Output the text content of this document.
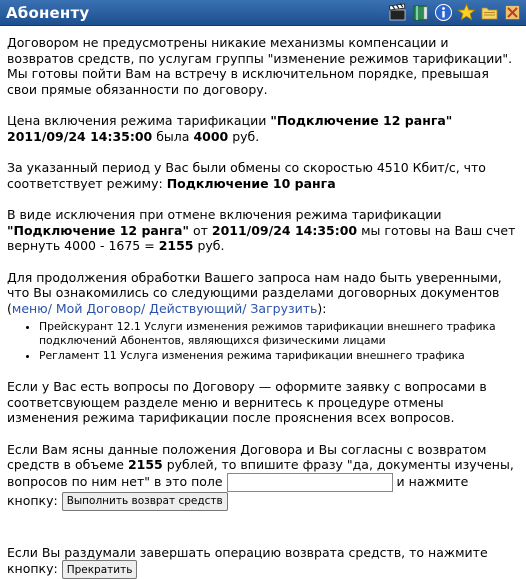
Абоненту

Договором не предусмотрены никакие механизмы компенсации и возвратов средств, по услугам группы "изменение режимов тарификации". Мы готовы пойти Вам на встречу в исключительном порядке, превышая свои прямые обязанности по договору.

Цена включения режима тарификации "Подключение 12 ранга" 2011/09/24 14:35:00 была 4000 руб.

За указанный период у Вас были обмены со скоростью 4510 Кбит/с, что соответствует режиму: Подключение 10 ранга

В виде исключения при отмене включения режима тарификации "Подключение 12 ранга" от 2011/09/24 14:35:00 мы готовы на Ваш счет вернуть 4000 - 1675 = 2155 руб.

Для продолжения обработки Вашего запроса нам надо быть уверенными, что Вы ознакомились со следующими разделами договорных документов (меню/ Мой Договор/ Действующий/ Загрузить):

• Прейскурант 12.1 Услуги изменения режимов тарификации внешнего трафика подключений Абонентов, являющихся физическими лицами
• Регламент 11 Услуга изменения режима тарификации внешнего трафика

Если у Вас есть вопросы по Договору — оформите заявку с вопросами в соответсвующем разделе меню и вернитесь к процедуре отмены изменения режима тарификации после прояснения всех вопросов.

Если Вам ясны данные положения Договора и Вы согласны с возвратом средств в объеме 2155 рублей, то впишите фразу "да, документы изучены, вопросов по ним нет" в это поле	и нажмите кнопку: Выполнить возврат средств

Если Вы раздумали завершать операцию возврата средств, то нажмите кнопку: Прекратить
